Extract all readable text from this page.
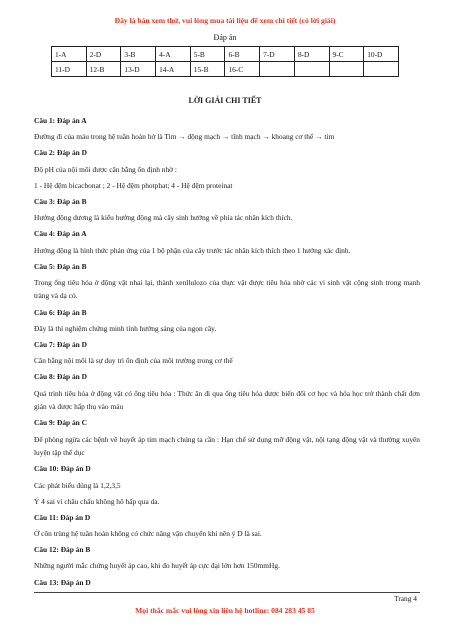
Đây là bản xem thử, vui lòng mua tài liệu để xem chi tiết (có lời giải)
Đáp án
1-A	2-D	3-B	4-A	5-B	6-B	7-D	8-D	9-C	10-D
11-D	12-B	13-D	14-A	15-B	16-C				
LỜI GIẢI CHI TIẾT

Câu 1: Đáp án A

Đường đi của máu trong hệ tuần hoàn hở là Tim → động mạch → tĩnh mạch → khoang cơ thể → tim

Câu 2: Đáp án D

Độ pH của nội môi được cân bằng ổn định nhờ :

1 - Hệ đệm bicacbonat ; 2 - Hệ đệm photphat; 4 - Hệ đệm proteinat

Câu 3: Đáp án B

Hướng động dương là kiểu hướng động mà cây sinh hưởng về phía tác nhân kích thích.

Câu 4: Đáp án A

Hướng động là hình thức phản ứng của 1 bộ phận của cây trước tác nhân kích thích theo 1 hướng xác định.

Câu 5: Đáp án B

Trong ống tiêu hóa ở động vật nhai lại, thành xenllulozo của thực vật được tiêu hóa nhờ các vi sinh vật cộng sinh trong manh tràng và dạ cỏ.

Câu 6: Đáp án B

Đây là thí nghiệm chứng minh tính hướng sáng của ngọn cây.

Câu 7: Đáp án D

Cân bằng nội môi là sự duy trì ổn định của môi trường trong cơ thể

Câu 8: Đáp án D

Quá trình tiêu hóa ở động vật có ống tiêu hóa : Thức ăn đi qua ống tiêu hóa được biến đổi cơ học và hóa học trở thành chất đơn giản và được hấp thụ vào máu

Câu 9: Đáp án C

Để phòng ngừa các bệnh về huyết áp tim mạch chúng ta cần : Hạn chế sử dụng mỡ động vật, nội tạng động vật và thường xuyên luyện tập thể dục

Câu 10: Đáp án D

Các phát biểu đúng là 1,2,3,5

Ý 4 sai vì châu chấu không hô hấp qua da.

Câu 11: Đáp án D

Ở côn trùng hệ tuần hoàn không có chức năng vận chuyển khí nên ý D là sai.

Câu 12: Đáp án B

Những người mắc chứng huyết áp cao, khi đo huyết áp cực đại lớn hơn 150mmHg.

Câu 13: Đáp án D

Trang 4
Mọi thắc mắc vui lòng xin liên hệ hotline: 084 283 45 85
